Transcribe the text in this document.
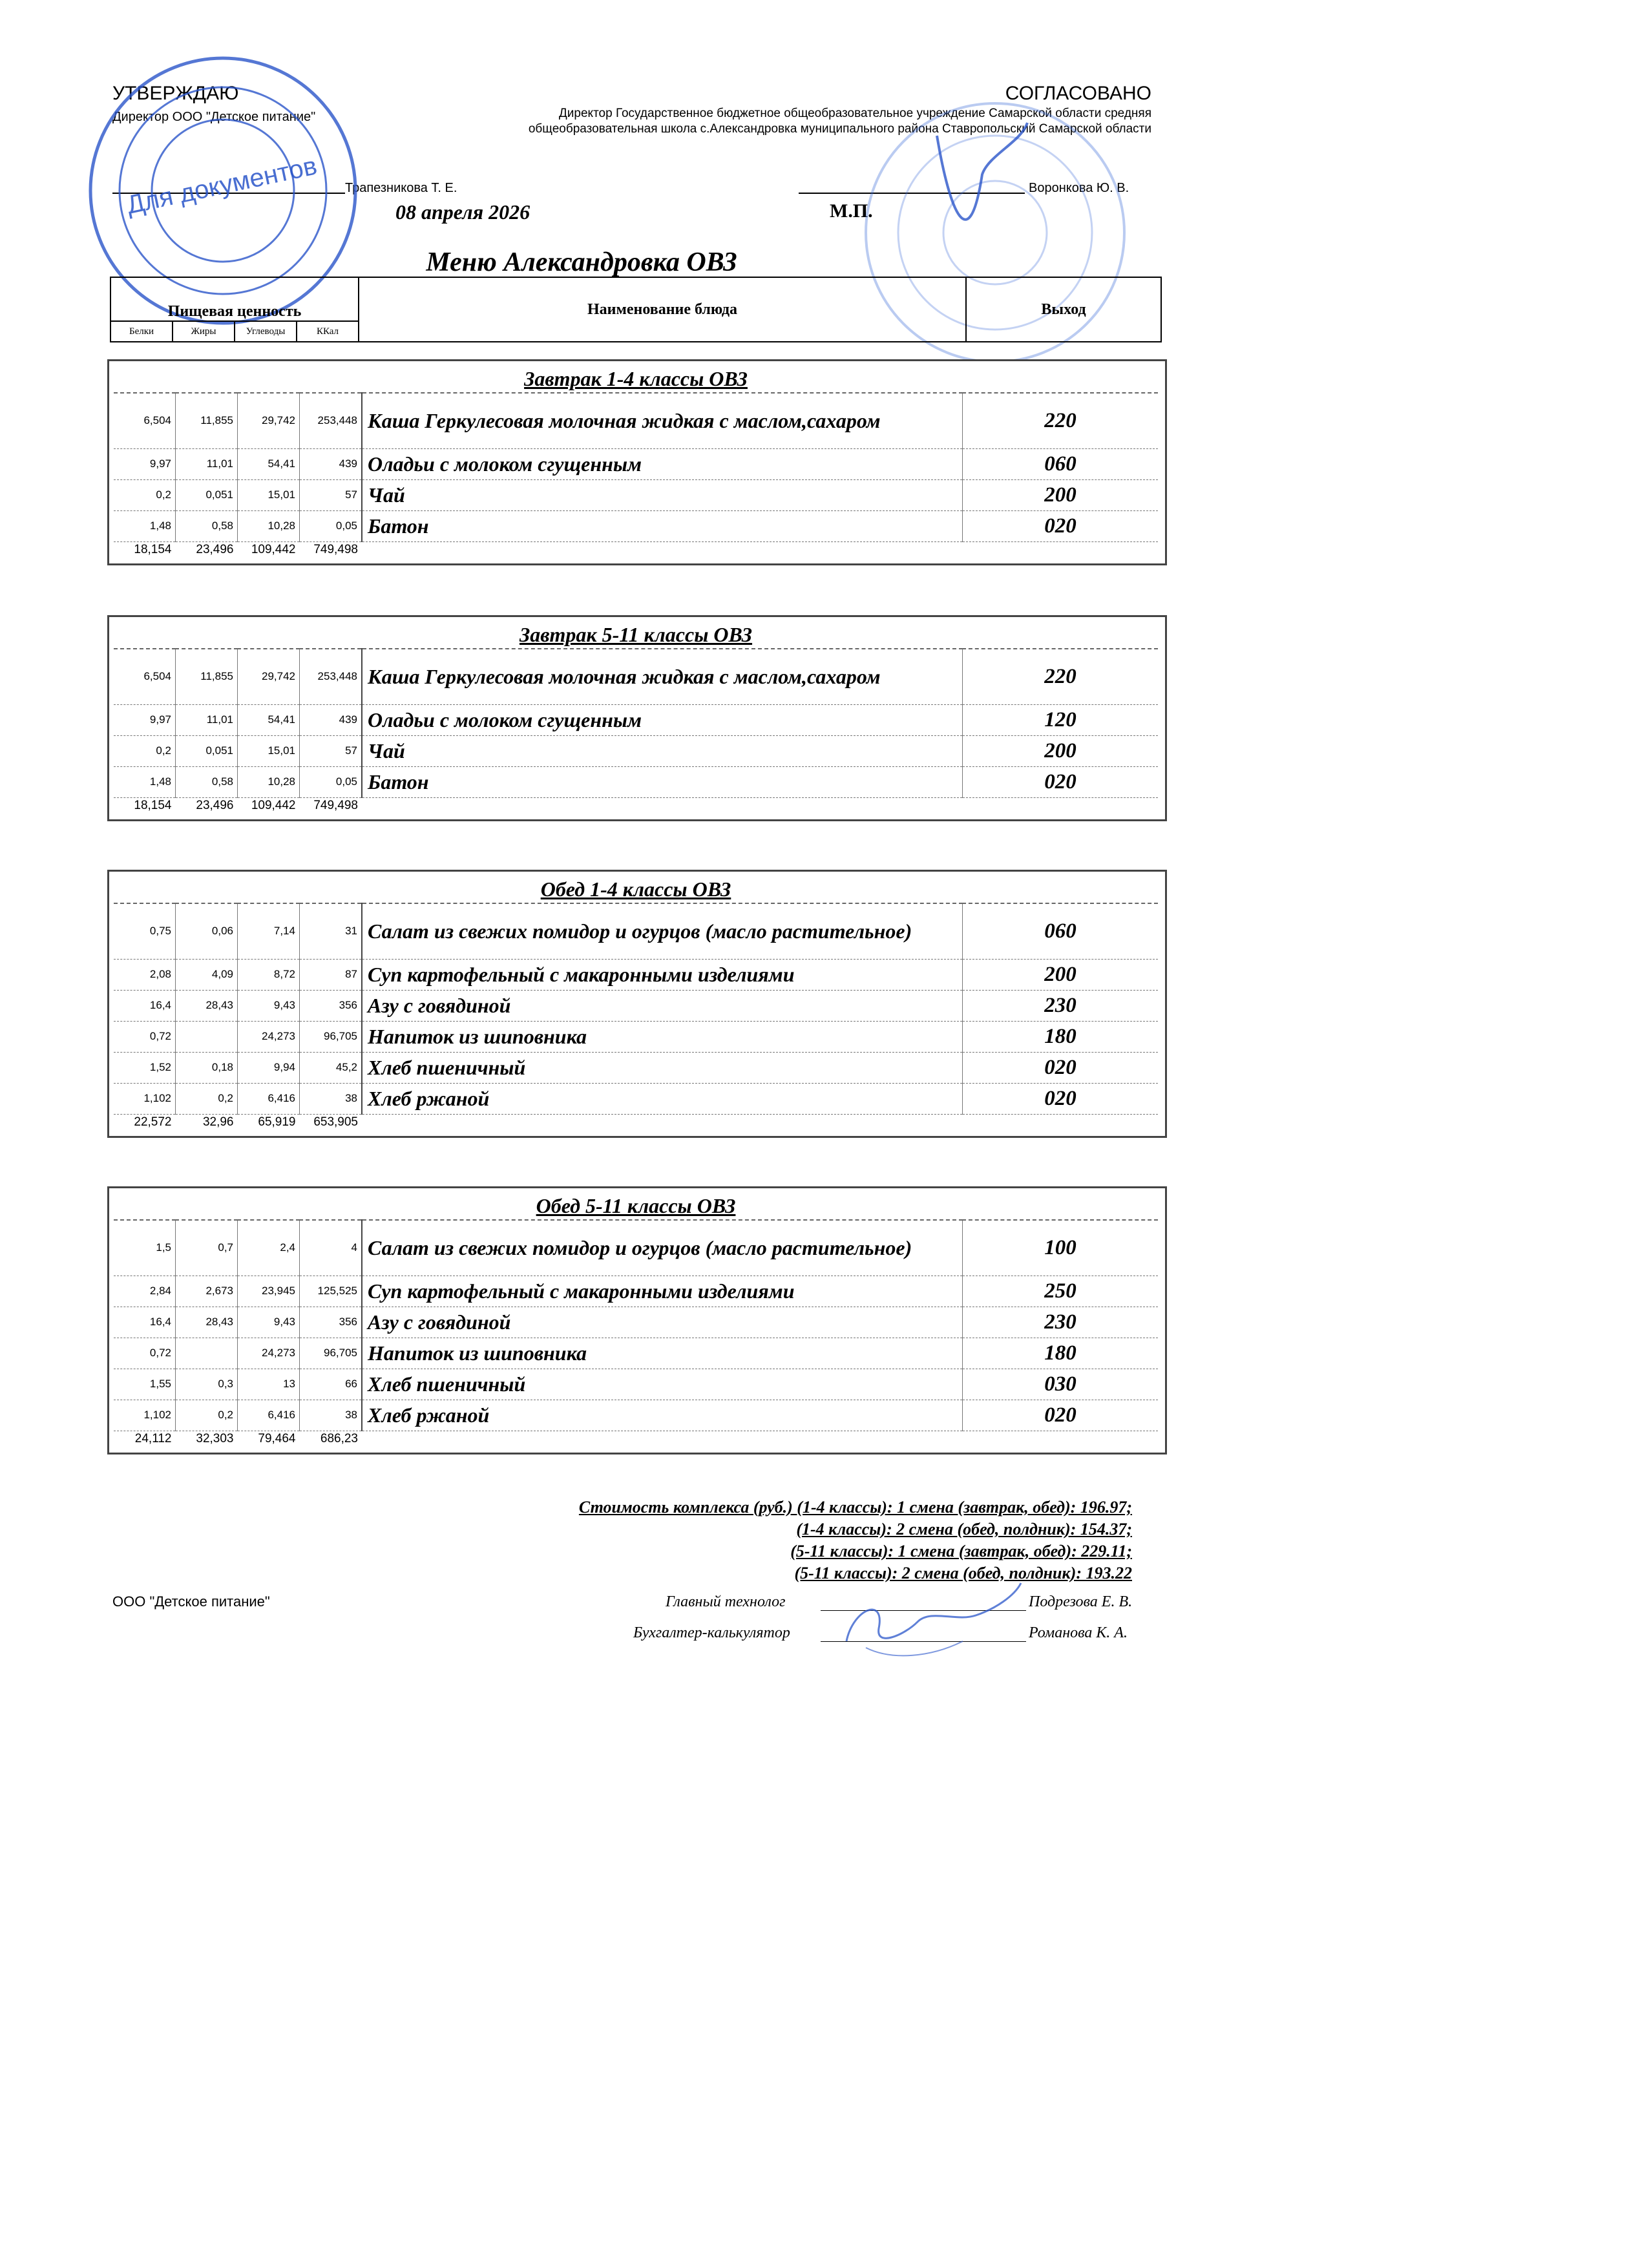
УТВЕРЖДАЮ
Директор ООО "Детское питание"
Трапезникова Т. Е.
08 апреля 2026
СОГЛАСОВАНО
Директор Государственное бюджетное общеобразовательное учреждение Самарской области средняя общеобразовательная школа с.Александровка муниципального района Ставропольский Самарской области
Воронкова Ю. В.
М.П.
Для документов
Меню Александровка ОВЗ
Пищевая ценность				Наименование блюда	Выход
Белки	Жиры	Углеводы	ККал		
Завтрак 1-4 классы ОВЗ					
6,504	11,855	29,742	253,448	Каша Геркулесовая молочная жидкая с маслом,сахаром	220
9,97	11,01	54,41	439	Оладьи с молоком сгущенным	060
0,2	0,051	15,01	57	Чай	200
1,48	0,58	10,28	0,05	Батон	020
18,154	23,496	109,442	749,498		
Завтрак 5-11 классы ОВЗ					
6,504	11,855	29,742	253,448	Каша Геркулесовая молочная жидкая с маслом,сахаром	220
9,97	11,01	54,41	439	Оладьи с молоком сгущенным	120
0,2	0,051	15,01	57	Чай	200
1,48	0,58	10,28	0,05	Батон	020
18,154	23,496	109,442	749,498		
Обед 1-4 классы ОВЗ					
0,75	0,06	7,14	31	Салат из свежих помидор и огурцов (масло растительное)	060
2,08	4,09	8,72	87	Суп картофельный с макаронными изделиями	200
16,4	28,43	9,43	356	Азу с говядиной	230
0,72		24,273	96,705	Напиток из шиповника	180
1,52	0,18	9,94	45,2	Хлеб пшеничный	020
1,102	0,2	6,416	38	Хлеб ржаной	020
22,572	32,96	65,919	653,905		
Обед 5-11 классы ОВЗ					
1,5	0,7	2,4	4	Салат из свежих помидор и огурцов (масло растительное)	100
2,84	2,673	23,945	125,525	Суп картофельный с макаронными изделиями	250
16,4	28,43	9,43	356	Азу с говядиной	230
0,72		24,273	96,705	Напиток из шиповника	180
1,55	0,3	13	66	Хлеб пшеничный	030
1,102	0,2	6,416	38	Хлеб ржаной	020
24,112	32,303	79,464	686,23		
Стоимость комплекса (руб.) (1-4 классы): 1 смена (завтрак, обед): 196.97;
(1-4 классы): 2 смена (обед, полдник): 154.37;
(5-11 классы): 1 смена (завтрак, обед): 229.11;
(5-11 классы): 2 смена (обед, полдник): 193.22
ООО "Детское питание"	Главный технолог	Подрезова Е. В.
Бухгалтер-калькулятор	Романова К. А.
